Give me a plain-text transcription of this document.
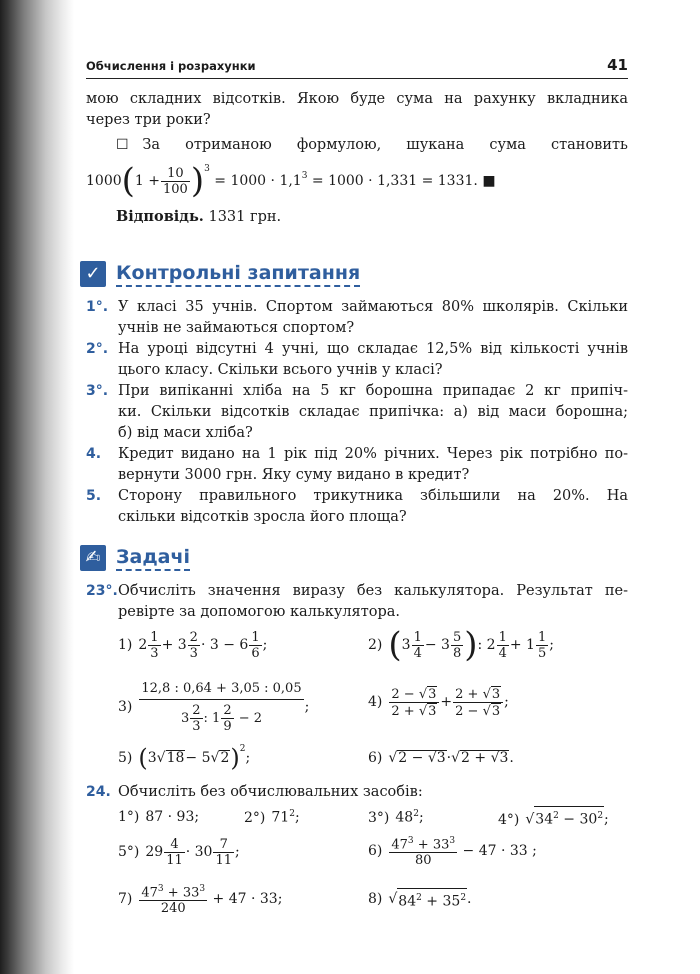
Обчислення і розрахунки	41
мою складних відсотків. Якою буде сума на рахунку вкладника
через три роки?
☐ За отриманою формулою, шукана сума становить
1000 ( $1 + \frac{10}{100} )^3$

= $1000 \cdot 1,1^3$
= 1000 · 1,331 = 1331.
■
Відповідь. 1331 грн.
✓ Контрольні запитання
1°. У класі 35 учнів. Спортом займаються 80% школярів. Скільки
учнів не займаються спортом?
2°. На уроці відсутні 4 учні, що складає 12,5% від кількості учнів
цього класу. Скільки всього учнів у класі?
3°. При випіканні хліба на 5 кг борошна припадає 2 кг припіч-
ки. Скільки відсотків складає припічка: а) від маси борошна;
б) від маси хліба?
4.	Кредит видано на 1 рік під 20% річних. Через рік потрібно по-
вернути 3000 грн. Яку суму видано в кредит?
5.	Сторону правильного трикутника збільшили на 20%. На
скільки відсотків зросла його площа?
✍ Задачі
23°. Обчисліть значення виразу без калькулятора. Результат пе-
ревірте за допомогою калькулятора.
1) $2 \frac{1}{3} + 3 \frac{2}{3} \cdot 3 - 6 \frac{1}{6}$ ;	2) ( $3 \frac{1}{4} - 3 \frac{5}{8}$ ) : $2 \frac{1}{4} + 1 \frac{1}{5}$ ;
3) 12,8 : 0,64 + 3,05 : 0,05
$3 \frac{2}{3}$ : $1 \frac{2}{9}$
− 2 ;	$4) \frac{2 - √3}{2 + √3} + \frac{2 + √3}{2 - √3}$ ;
5) ( 3 √ 18 − 5 √ 2 )$^2$
;	6) √ 2 − √3 · √ 2 + √3 .
24. Обчисліть без обчислювальних засобів:
1°) 87 · 93;	2°) $71^2$;	3°) $48^2$;	4°) $√34^2 - 30^2$;
5°) $29 \frac{4}{11} \cdot 30 \frac{7}{11}$ ;	$6) \frac{47^3 + 33^3}{80}$
− 47 · 33 ;
$7) \frac{47^3 + 33^3}{240}$
+ 47 · 33;	8) √ $84^2 + 35^2$ .
